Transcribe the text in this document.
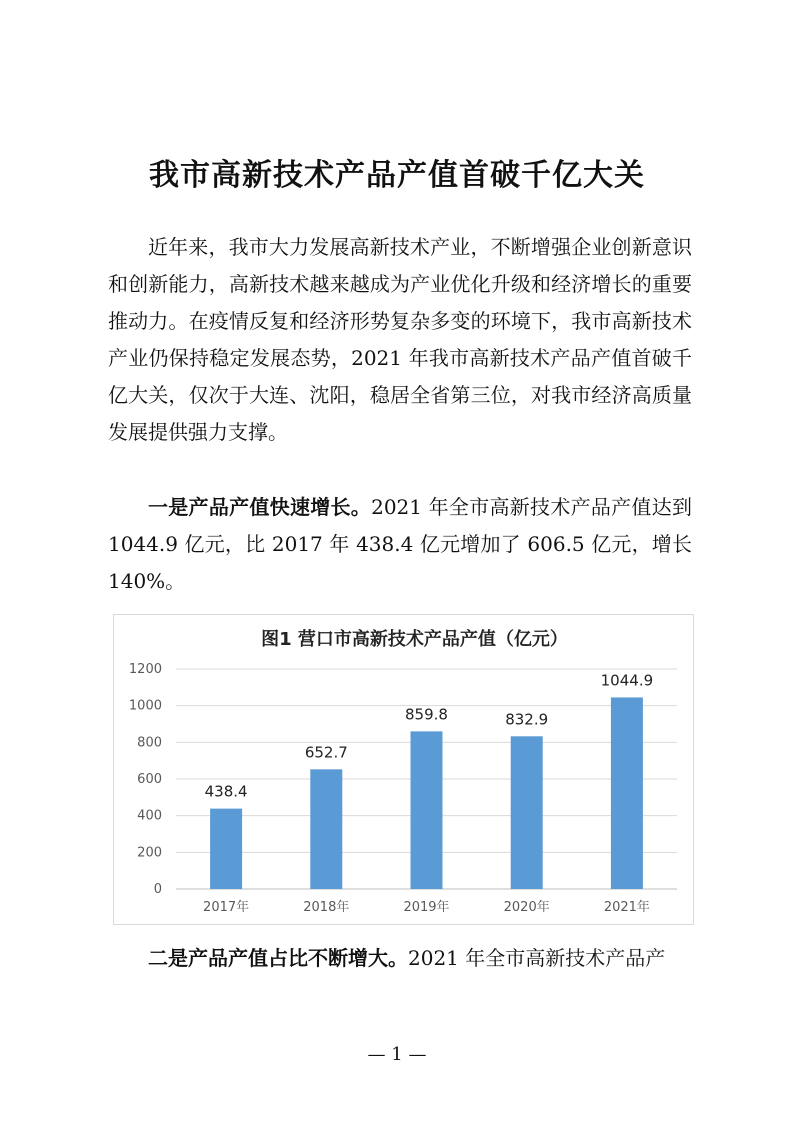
我市高新技术产品产值首破千亿大关

近年来，我市大力发展高新技术产业，不断增强企业创新意识和创新能力，高新技术越来越成为产业优化升级和经济增长的重要推动力。在疫情反复和经济形势复杂多变的环境下，我市高新技术产业仍保持稳定发展态势，2021 年我市高新技术产品产值首破千亿大关，仅次于大连、沈阳，稳居全省第三位，对我市经济高质量发展提供强力支撑。

一是产品产值快速增长。2021 年全市高新技术产品产值达到 1044.9 亿元，比 2017 年 438.4 亿元增加了 606.5 亿元，增长140%。

图1 营口市高新技术产品产值（亿元）
0
200
400
600
800
1000
1200
438.4
2017年
652.7
2018年
859.8
2019年
832.9
2020年
1044.9
2021年

二是产品产值占比不断增大。2021 年全市高新技术产品产

— 1 —
